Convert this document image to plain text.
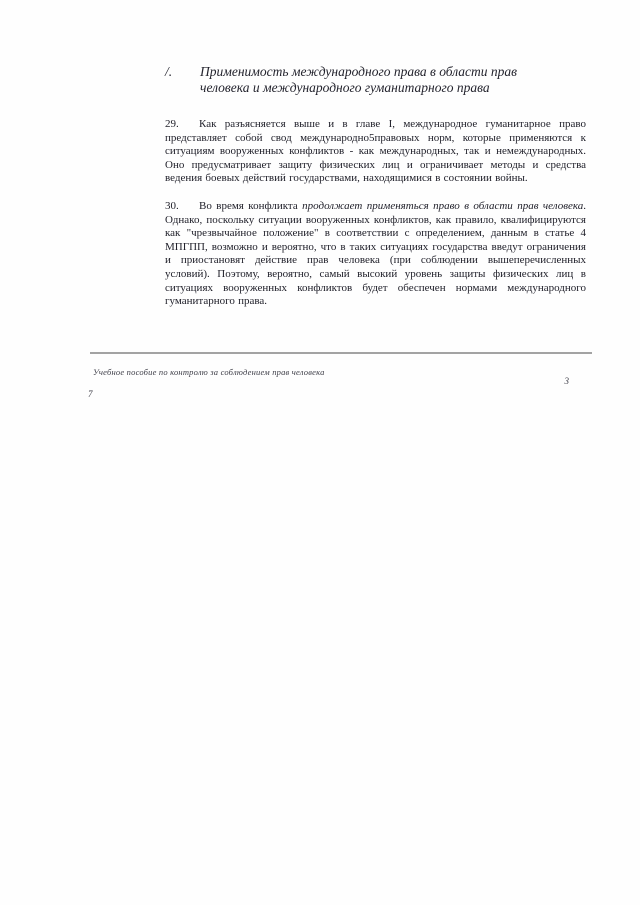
/.	Применимость международного права в области прав
человека и международного гуманитарного права

29. Как разъясняется выше и в главе I, международное гуманитарное право представляет собой свод международно5правовых норм, которые применяются к ситуациям вооруженных конфликтов - как международных, так и немеждународных. Оно предусматривает защиту физических лиц и ограничивает методы и средства ведения боевых действий государствами, находящимися в состоянии войны.

30. Во время конфликта продолжает применяться право в области прав человека. Однако, поскольку ситуации вооруженных конфликтов, как правило, квалифицируются как "чрезвычайное положение" в соответствии с определением, данным в статье 4 МПГПП, возможно и вероятно, что в таких ситуациях государства введут ограничения и приостановят действие прав человека (при соблюдении вышеперечисленных условий). Поэтому, вероятно, самый высокий уровень защиты физических лиц в ситуациях вооруженных конфликтов будет обеспечен нормами международного гуманитарного права.

Учебное пособие по контролю за соблюдением прав человека
3
7
